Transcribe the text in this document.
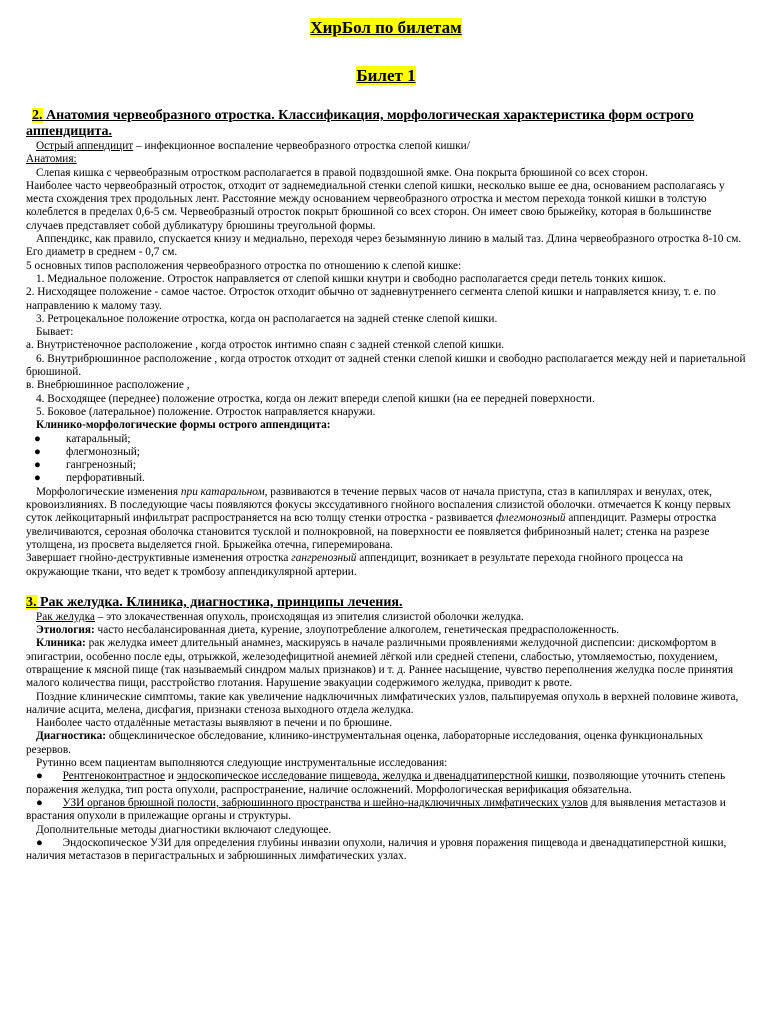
ХирБол по билетам
Билет 1
2. Анатомия червеобразного отростка. Классификация, морфологическая характеристика форм острого аппендицита.

Острый аппендицит – инфекционное воспаление червеобразного отростка слепой кишки/

Анатомия:

Слепая кишка с червеобразным отростком располагается в правой подвздошной ямке. Она покрыта брюшиной со всех сторон.

Наиболее часто червеобразный отросток, отходит от заднемедиальной стенки слепой кишки, несколько выше ее дна, основанием располагаясь у места схождения трех продольных лент. Расстояние между основанием червеобразного отростка и местом перехода тонкой кишки в толстую колеблется в пределах 0,6-5 см. Червеобразный отросток покрыт брюшиной со всех сторон. Он имеет свою брыжейку, которая в большинстве случаев представляет собой дубликатуру брюшины треугольной формы.

Аппендикс, как правило, спускается книзу и медиально, переходя через безымянную линию в малый таз. Длина червеобразного отростка 8-10 см. Его диаметр в среднем - 0,7 см.

5 основных типов расположения червеобразного отростка по отношению к слепой кишке:

1. Медиальное положение. Отросток направляется от слепой кишки кнутри и свободно располагается среди петель тонких кишок.

2. Нисходящее положение - самое частое. Отросток отходит обычно от задневнутреннего сегмента слепой кишки и направляется книзу, т. е. по направлению к малому тазу.

3. Ретроцекальное положение отростка, когда он располагается на задней стенке слепой кишки.

Бывает:

а. Внутристеночное расположение , когда отросток интимно спаян с задней стенкой слепой кишки.

6. Внутрибрюшинное расположение , когда отросток отходит от задней стенки слепой кишки и свободно располагается между ней и париетальной брюшиной.

в. Внебрюшинное расположение ,

4. Восходящее (переднее) положение отростка, когда он лежит впереди слепой кишки (на ее передней поверхности.

5. Боковое (латеральное) положение. Отросток направляется кнаружи.

Клинико-морфологические формы острого аппендицита:

●	катаральный;

●	флегмонозный;

●	гангренозный;

●	перфоративный.

Морфологические изменения при катаральном, развиваются в течение первых часов от начала приступа, стаз в капиллярах и венулах, отек, кровоизлияниях. В последующие часы появляются фокусы экссудативного гнойного воспаления слизистой оболочки. отмечается К концу первых суток лейкоцитарный инфильтрат распространяется на всю толщу стенки отростка - развивается флегмонозный аппендицит. Размеры отростка увеличиваются, серозная оболочка становится тусклой и полнокровной, на поверхности ее появляется фибринозный налет; стенка на разрезе утолщена, из просвета выделяется гной. Брыжейка отечна, гиперемирована.

Завершает гнойно-деструктивные изменения отростка гангренозный аппендицит, возникает в результате перехода гнойного процесса на окружающие ткани, что ведет к тромбозу аппендикулярной артерии.

3. Рак желудка. Клиника, диагностика, принципы лечения.

Рак желудка – это злокачественная опухоль, происходящая из эпителия слизистой оболочки желудка.

Этиология: часто несбалансированная диета, курение, злоупотребление алкоголем, генетическая предрасположенность.

Клиника: рак желудка имеет длительный анамнез, маскируясь в начале различными проявлениями желудочной диспепсии: дискомфортом в эпигастрии, особенно после еды, отрыжкой, железодефицитной анемией лёгкой или средней степени, слабостью, утомляемостью, похудением, отвращение к мясной пище (так называемый синдром малых признаков) и т. д. Раннее насыщение, чувство переполнения желудка после принятия малого количества пищи, расстройство глотания. Нарушение эвакуации содержимого желудка, приводит к рвоте.

Поздние клинические симптомы, такие как увеличение надключичных лимфатических узлов, пальпируемая опухоль в верхней половине живота, наличие асцита, мелена, дисфагия, признаки стеноза выходного отдела желудка.

Наиболее часто отдалённые метастазы выявляют в печени и по брюшине.

Диагностика: общеклиническое обследование, клинико-инструментальная оценка, лабораторные исследования, оценка функциональных резервов.

Рутинно всем пациентам выполняются следующие инструментальные исследования:

● Рентгеноконтрастное и эндоскопическое исследование пищевода, желудка и двенадцатиперстной кишки, позволяющие уточнить степень поражения желудка, тип роста опухоли, распространение, наличие осложнений. Морфологическая верификация обязательна.

● УЗИ органов брюшной полости, забрюшинного пространства и шейно-надключичных лимфатических узлов для выявления метастазов и врастания опухоли в прилежащие органы и структуры.

Дополнительные методы диагностики включают следующее.

● Эндоскопическое УЗИ для определения глубины инвазии опухоли, наличия и уровня поражения пищевода и двенадцатиперстной кишки, наличия метастазов в перигастральных и забрюшинных лимфатических узлах.
